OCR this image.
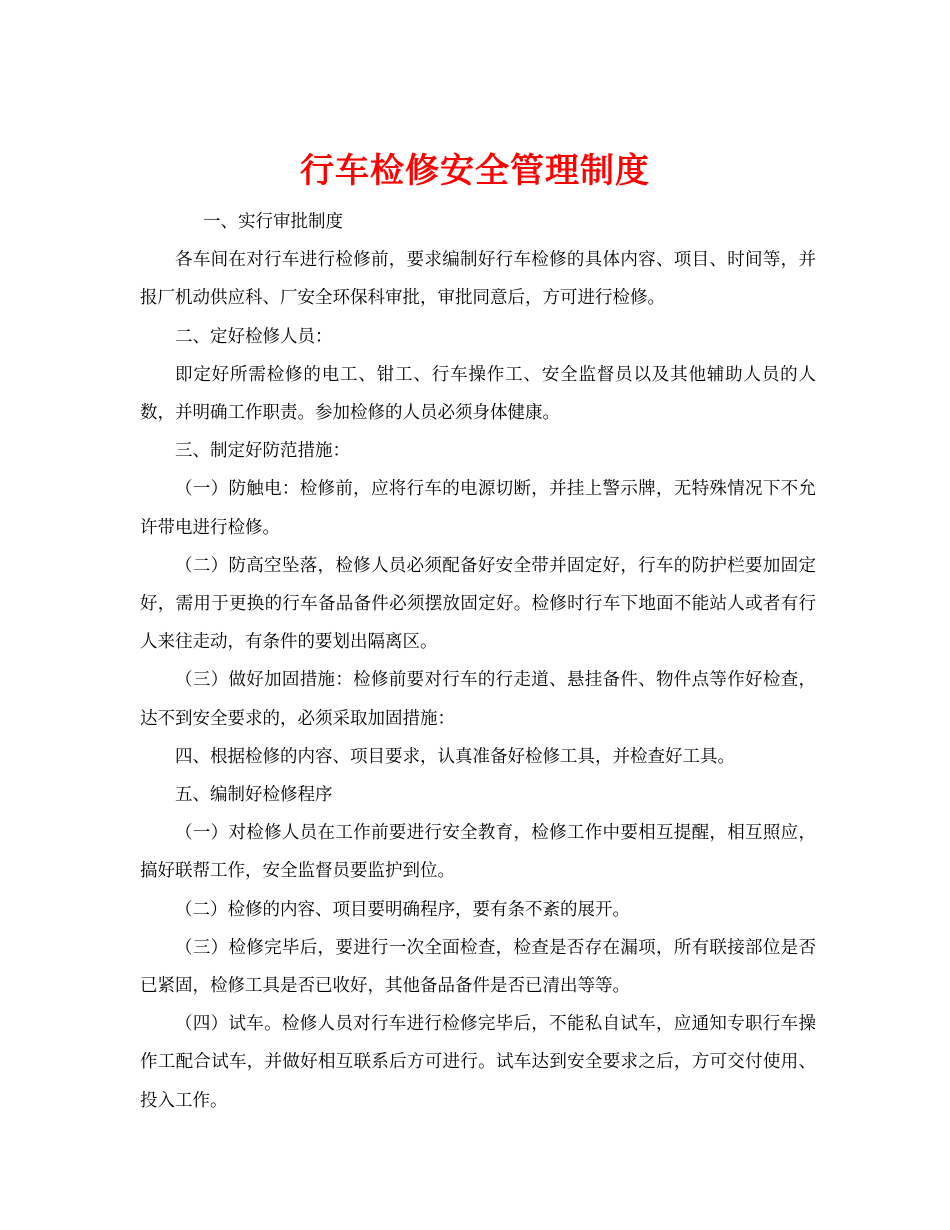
行车检修安全管理制度

一、实行审批制度

各车间在对行车进行检修前，要求编制好行车检修的具体内容、项目、时间等，并报厂机动供应科、厂安全环保科审批，审批同意后，方可进行检修。

二、定好检修人员：

即定好所需检修的电工、钳工、行车操作工、安全监督员以及其他辅助人员的人数，并明确工作职责。参加检修的人员必须身体健康。

三、制定好防范措施：

（一）防触电：检修前，应将行车的电源切断，并挂上警示牌，无特殊情况下不允许带电进行检修。

（二）防高空坠落，检修人员必须配备好安全带并固定好，行车的防护栏要加固定好，需用于更换的行车备品备件必须摆放固定好。检修时行车下地面不能站人或者有行人来往走动，有条件的要划出隔离区。

（三）做好加固措施：检修前要对行车的行走道、悬挂备件、物件点等作好检查，达不到安全要求的，必须采取加固措施：

四、根据检修的内容、项目要求，认真准备好检修工具，并检查好工具。

五、编制好检修程序

（一）对检修人员在工作前要进行安全教育，检修工作中要相互提醒，相互照应，搞好联帮工作，安全监督员要监护到位。

（二）检修的内容、项目要明确程序，要有条不紊的展开。

（三）检修完毕后，要进行一次全面检查，检查是否存在漏项，所有联接部位是否已紧固，检修工具是否已收好，其他备品备件是否已清出等等。

（四）试车。检修人员对行车进行检修完毕后，不能私自试车，应通知专职行车操作工配合试车，并做好相互联系后方可进行。试车达到安全要求之后，方可交付使用、投入工作。
